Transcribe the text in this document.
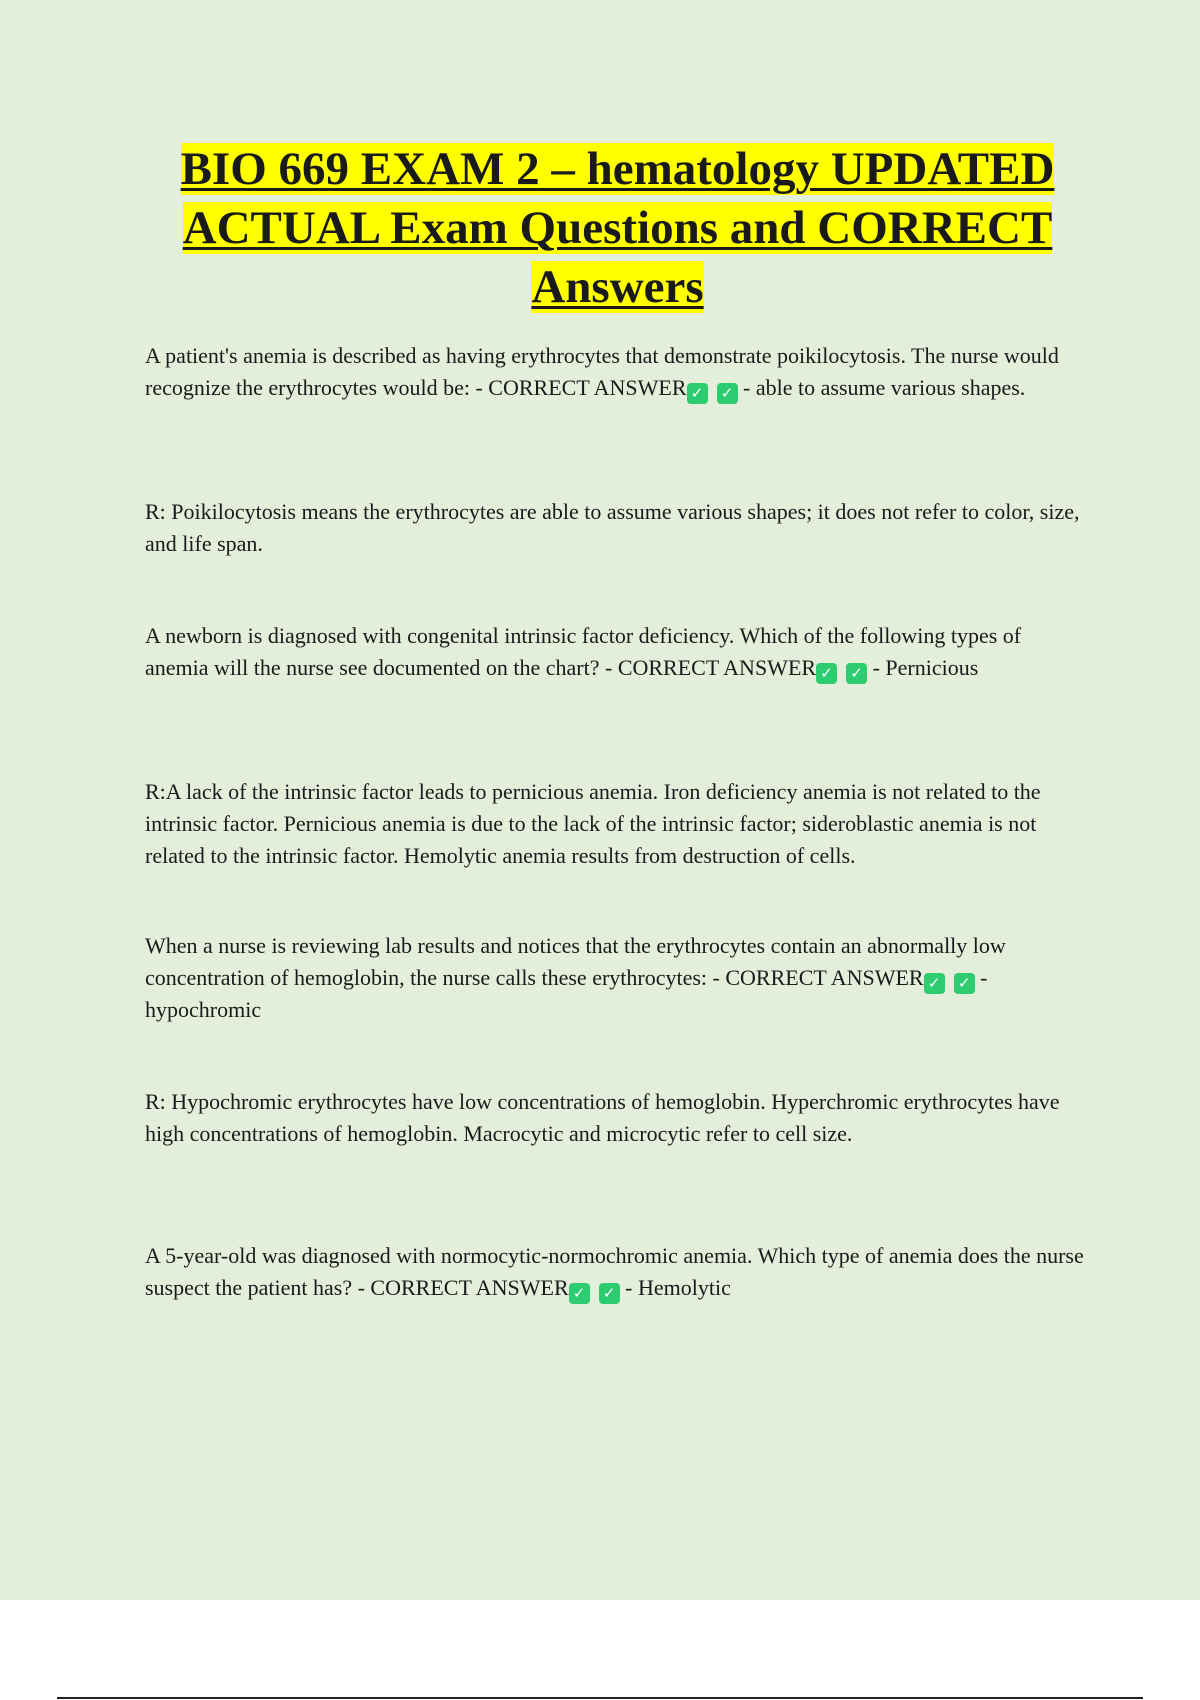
BIO 669 EXAM 2 – hematology UPDATED ACTUAL Exam Questions and CORRECT Answers

A patient's anemia is described as having erythrocytes that demonstrate poikilocytosis. The nurse would recognize the erythrocytes would be: - CORRECT ANSWER ✓ ✓ - able to assume various shapes.

R: Poikilocytosis means the erythrocytes are able to assume various shapes; it does not refer to color, size, and life span.

A newborn is diagnosed with congenital intrinsic factor deficiency. Which of the following types of anemia will the nurse see documented on the chart? - CORRECT ANSWER ✓ ✓ - Pernicious

R:A lack of the intrinsic factor leads to pernicious anemia. Iron deficiency anemia is not related to the intrinsic factor. Pernicious anemia is due to the lack of the intrinsic factor; sideroblastic anemia is not related to the intrinsic factor. Hemolytic anemia results from destruction of cells.

When a nurse is reviewing lab results and notices that the erythrocytes contain an abnormally low concentration of hemoglobin, the nurse calls these erythrocytes: - CORRECT ANSWER ✓ ✓ - hypochromic

R: Hypochromic erythrocytes have low concentrations of hemoglobin. Hyperchromic erythrocytes have high concentrations of hemoglobin. Macrocytic and microcytic refer to cell size.

A 5-year-old was diagnosed with normocytic-normochromic anemia. Which type of anemia does the nurse suspect the patient has? - CORRECT ANSWER ✓ ✓ - Hemolytic
